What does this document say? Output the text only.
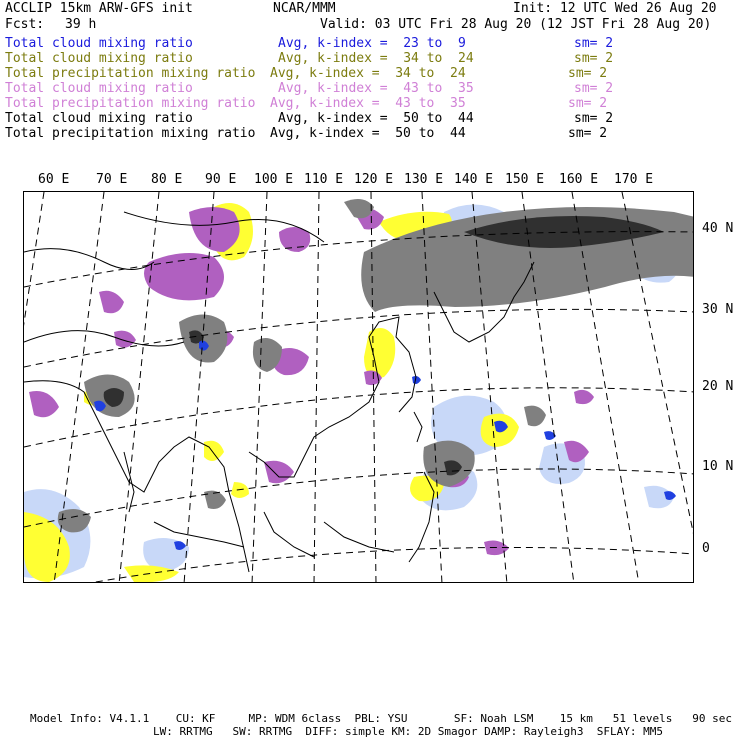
ACCLIP 15km ARW-GFS init	NCAR/MMM	Init: 12 UTC Wed 26 Aug 20
Fcst: 39 h	Valid: 03 UTC Fri 28 Aug 20 (12 JST Fri 28 Aug 20)
Total cloud mixing ratio	Avg, k-index =  23 to  9	sm= 2
Total cloud mixing ratio	Avg, k-index =  34 to  24	sm= 2
Total precipitation mixing ratio Avg, k-index =  34 to  24	sm= 2
Total cloud mixing ratio	Avg, k-index =  43 to  35	sm= 2
Total precipitation mixing ratio Avg, k-index =  43 to  35	sm= 2
Total cloud mixing ratio	Avg, k-index =  50 to  44	sm= 2
Total precipitation mixing ratio Avg, k-index =  50 to  44	sm= 2
60 E 70 E 80 E 90 E 100 E 110 E 120 E 130 E 140 E 150 E 160 E 170 E
40 N
30 N
20 N
10 N
0
Model Info: V4.1.1    CU: KF     MP: WDM 6class  PBL: YSU       SF: Noah LSM    15 km   51 levels   90 sec
LW: RRTMG   SW: RRTMG  DIFF: simple KM: 2D Smagor DAMP: Rayleigh3  SFLAY: MM5
